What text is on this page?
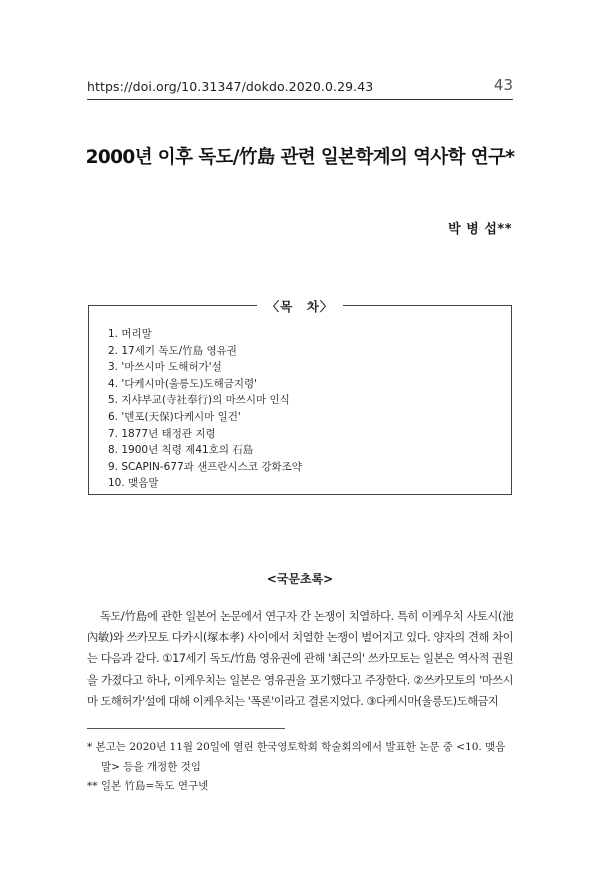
https://doi.org/10.31347/dokdo.2020.0.29.43	43
2000년 이후 독도/竹島 관련 일본학계의 역사학 연구*
박 병 섭**
〈목　차〉
1. 머리말
2. 17세기 독도/竹島 영유권
3. '마쓰시마 도해허가'설
4. '다케시마(울릉도)도해금지령'
5. 지샤부교(寺社奉行)의 마쓰시마 인식
6. '덴포(天保)다케시마 일건'
7. 1877년 태정관 지령
8. 1900년 칙령 제41호의 石島
9. SCAPIN-677과 샌프란시스코 강화조약
10. 맺음말
<국문초록>

독도/竹島에 관한 일본어 논문에서 연구자 간 논쟁이 치열하다. 특히 이케우치 사토시(池內敏)와 쓰카모토 다카시(塚本孝) 사이에서 치열한 논쟁이 벌어지고 있다. 양자의 견해 차이는 다음과 같다. ①17세기 독도/竹島 영유권에 관해 '최근의' 쓰카모토는 일본은 역사적 권원을 가졌다고 하나, 이케우치는 일본은 영유권을 포기했다고 주장한다. ②쓰카모토의 '마쓰시마 도해허가'설에 대해 이케우치는 '폭론'이라고 결론지었다. ③다케시마(울릉도)도해금지

* 본고는 2020년 11월 20일에 열린 한국영토학회 학술회의에서 발표한 논문 중 <10. 맺음말> 등을 개정한 것임

** 일본 竹島=독도 연구넷
